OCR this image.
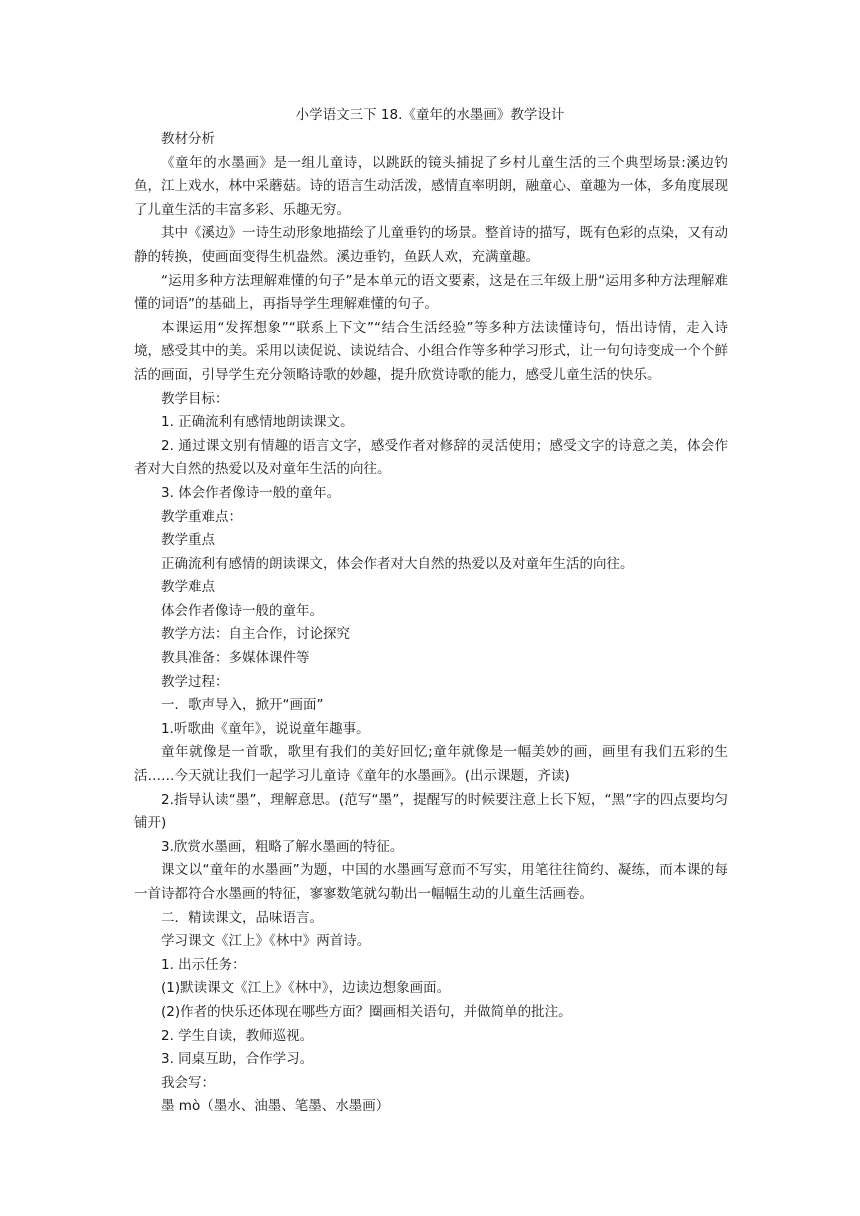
小学语文三下 18.《童年的水墨画》教学设计

教材分析

《童年的水墨画》是一组儿童诗，以跳跃的镜头捕捉了乡村儿童生活的三个典型场景:溪边钓鱼，江上戏水，林中采蘑菇。诗的语言生动活泼，感情直率明朗，融童心、童趣为一体，多角度展现了儿童生活的丰富多彩、乐趣无穷。

其中《溪边》一诗生动形象地描绘了儿童垂钓的场景。整首诗的描写，既有色彩的点染，又有动静的转换，使画面变得生机盎然。溪边垂钓，鱼跃人欢，充满童趣。

“运用多种方法理解难懂的句子”是本单元的语文要素，这是在三年级上册“运用多种方法理解难懂的词语”的基础上，再指导学生理解难懂的句子。

本课运用“发挥想象”“联系上下文”“结合生活经验”等多种方法读懂诗句，悟出诗情，走入诗境，感受其中的美。采用以读促说、读说结合、小组合作等多种学习形式，让一句句诗变成一个个鲜活的画面，引导学生充分领略诗歌的妙趣，提升欣赏诗歌的能力，感受儿童生活的快乐。

教学目标：

1. 正确流利有感情地朗读课文。

2. 通过课文别有情趣的语言文字，感受作者对修辞的灵活使用；感受文字的诗意之美，体会作者对大自然的热爱以及对童年生活的向往。

3. 体会作者像诗一般的童年。

教学重难点：

教学重点

正确流利有感情的朗读课文，体会作者对大自然的热爱以及对童年生活的向往。

教学难点

体会作者像诗一般的童年。

教学方法：自主合作，讨论探究

教具准备：多媒体课件等

教学过程：

一．歌声导入，掀开“画面”

1.听歌曲《童年》，说说童年趣事。

童年就像是一首歌，歌里有我们的美好回忆;童年就像是一幅美妙的画，画里有我们五彩的生活……今天就让我们一起学习儿童诗《童年的水墨画》。(出示课题，齐读)

2.指导认读“墨”，理解意思。(范写“墨”，提醒写的时候要注意上长下短，“黑”字的四点要均匀铺开)

3.欣赏水墨画，粗略了解水墨画的特征。

课文以“童年的水墨画”为题，中国的水墨画写意而不写实，用笔往往简约、凝练，而本课的每一首诗都符合水墨画的特征，寥寥数笔就勾勒出一幅幅生动的儿童生活画卷。

二．精读课文，品味语言。

学习课文《江上》《林中》两首诗。

1. 出示任务：

(1)默读课文《江上》《林中》，边读边想象画面。

(2)作者的快乐还体现在哪些方面？圈画相关语句，并做简单的批注。

2. 学生自读，教师巡视。

3. 同桌互助，合作学习。

我会写：

墨 mò（墨水、油墨、笔墨、水墨画）
